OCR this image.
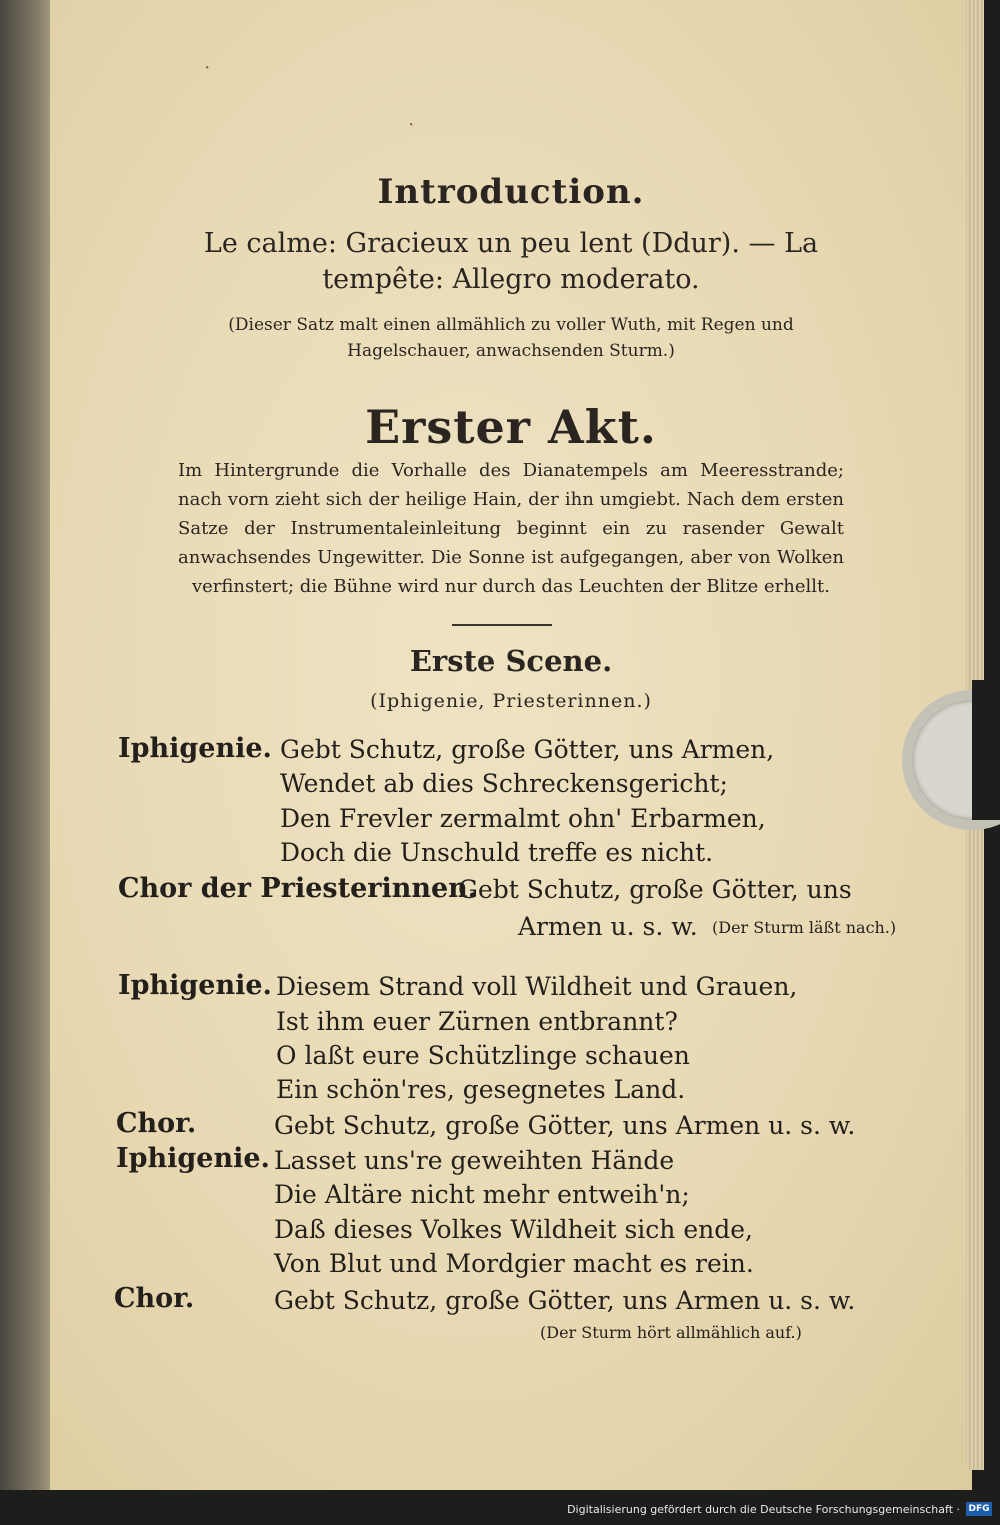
·
·
Introduction.
Le calme: Gracieux un peu lent (Ddur). — La tempête: Allegro moderato.
(Dieser Satz malt einen allmählich zu voller Wuth, mit Regen und Hagelschauer, anwachsenden Sturm.)
Erster Akt.
Im Hintergrunde die Vorhalle des Dianatempels am Meeresstrande; nach vorn zieht sich der heilige Hain, der ihn umgiebt. Nach dem ersten Satze der Instrumentaleinleitung beginnt ein zu rasender Gewalt anwachsendes Ungewitter. Die Sonne ist aufgegangen, aber von Wolken verfinstert; die Bühne wird nur durch das Leuchten der Blitze erhellt.
Erste Scene.
(Iphigenie, Priesterinnen.)
Iphigenie. Gebt Schutz, große Götter, uns Armen,
Wendet ab dies Schreckensgericht;
Den Frevler zermalmt ohn' Erbarmen,
Doch die Unschuld treffe es nicht.
Chor der Priesterinnen.
Gebt Schutz, große Götter, uns
Armen u. s. w. (Der Sturm läßt nach.)
Iphigenie. Diesem Strand voll Wildheit und Grauen,
Ist ihm euer Zürnen entbrannt?
O laßt eure Schützlinge schauen
Ein schön'res, gesegnetes Land.
Chor.	Gebt Schutz, große Götter, uns Armen u. s. w.
Iphigenie. Lasset uns're geweihten Hände
Die Altäre nicht mehr entweih'n;
Daß dieses Volkes Wildheit sich ende,
Von Blut und Mordgier macht es rein.
Chor.	Gebt Schutz, große Götter, uns Armen u. s. w.
(Der Sturm hört allmählich auf.)
Digitalisierung gefördert durch die Deutsche Forschungsgemeinschaft · DFG
